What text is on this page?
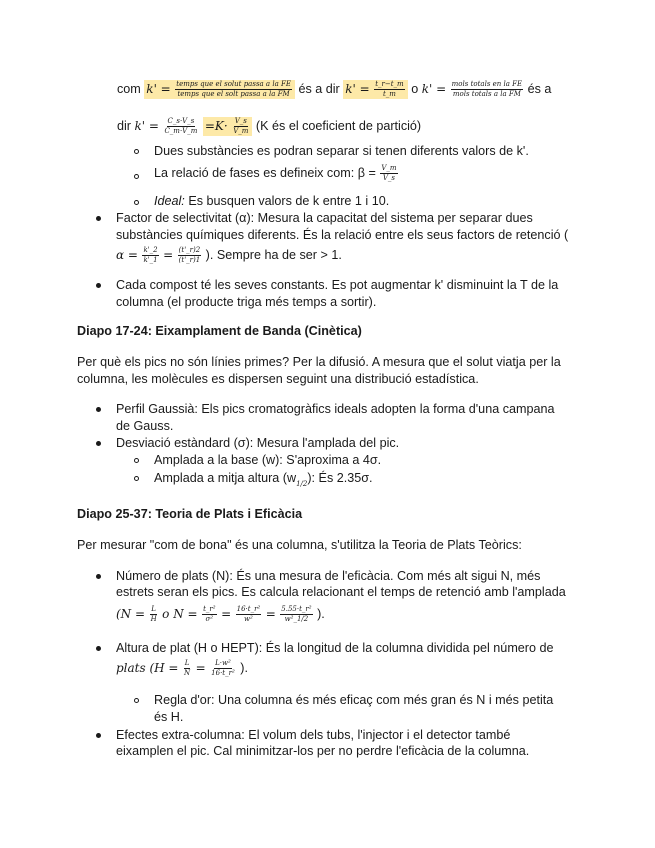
com $k' = \frac{\text{temps que el solut passa a la FE}}{\text{temps que el solt passa a la FM}}$ és a dir $k' = \frac{t\_r-t\_m}{t\_m}$ o $k' = \frac{\text{mols totals en la FE}}{\text{mols totals a la FM}}$ és a
dir $k' = \frac{C\_s\cdot V\_s}{C\_m\cdot V\_m} =K\cdot \frac{V\_s}{V\_m} (K$ és el coeficient de partició)
Dues substàncies es podran separar si tenen diferents valors de k'.
La relació de fases es defineix com: $\beta = \frac{V\_m}{V\_s}$
Ideal: Es busquen valors de k entre 1 i 10.
Factor de selectivitat (α): Mesura la capacitat del sistema per separar dues
substàncies químiques diferents. És la relació entre els seus factors de retenció (
$\alpha = \frac{k'\_2}{k'\_1} = \frac{(t'\_r)2}{(t'\_r)1}$ ). Sempre ha de ser > 1.
Cada compost té les seves constants. Es pot augmentar k' disminuint la T de la
columna (el producte triga més temps a sortir).
Diapo 17-24: Eixamplament de Banda (Cinètica)
Per què els pics no són línies primes? Per la difusió. A mesura que el solut viatja per la
columna, les molècules es dispersen seguint una distribució estadística.
Perfil Gaussià: Els pics cromatogràfics ideals adopten la forma d'una campana
de Gauss.
Desviació estàndard (σ): Mesura l'amplada del pic.
Amplada a la base (w): S'aproxima a 4σ.
Amplada a mitja altura $(w_{1/2})$: És 2.35σ.
Diapo 25-37: Teoria de Plats i Eficàcia
Per mesurar "com de bona" és una columna, s'utilitza la Teoria de Plats Teòrics:
Número de plats (N): És una mesura de l'eficàcia. Com més alt sigui N, més
estrets seran els pics. Es calcula relacionant el temps de retenció amb l'amplada
($N = \frac{L}{H}$ o $N = \frac{\text{t\_r²}}{\text{σ²}} = \frac{\text{16·t\_r²}}{\text{w²}} = \frac{\text{5.55·t\_r²}}{\text{w²\_1/2}}$ ).
Altura de plat (H o HEPT): És la longitud de la columna dividida pel número de
plats ($H = \frac{L}{N} = \frac{\text{L·w²}}{\text{16·t\_r²}}$ ).
Regla d'or: Una columna és més eficaç com més gran és N i més petita
és H.
Efectes extra-columna: El volum dels tubs, l'injector i el detector també
eixamplen el pic. Cal minimitzar-los per no perdre l'eficàcia de la columna.
